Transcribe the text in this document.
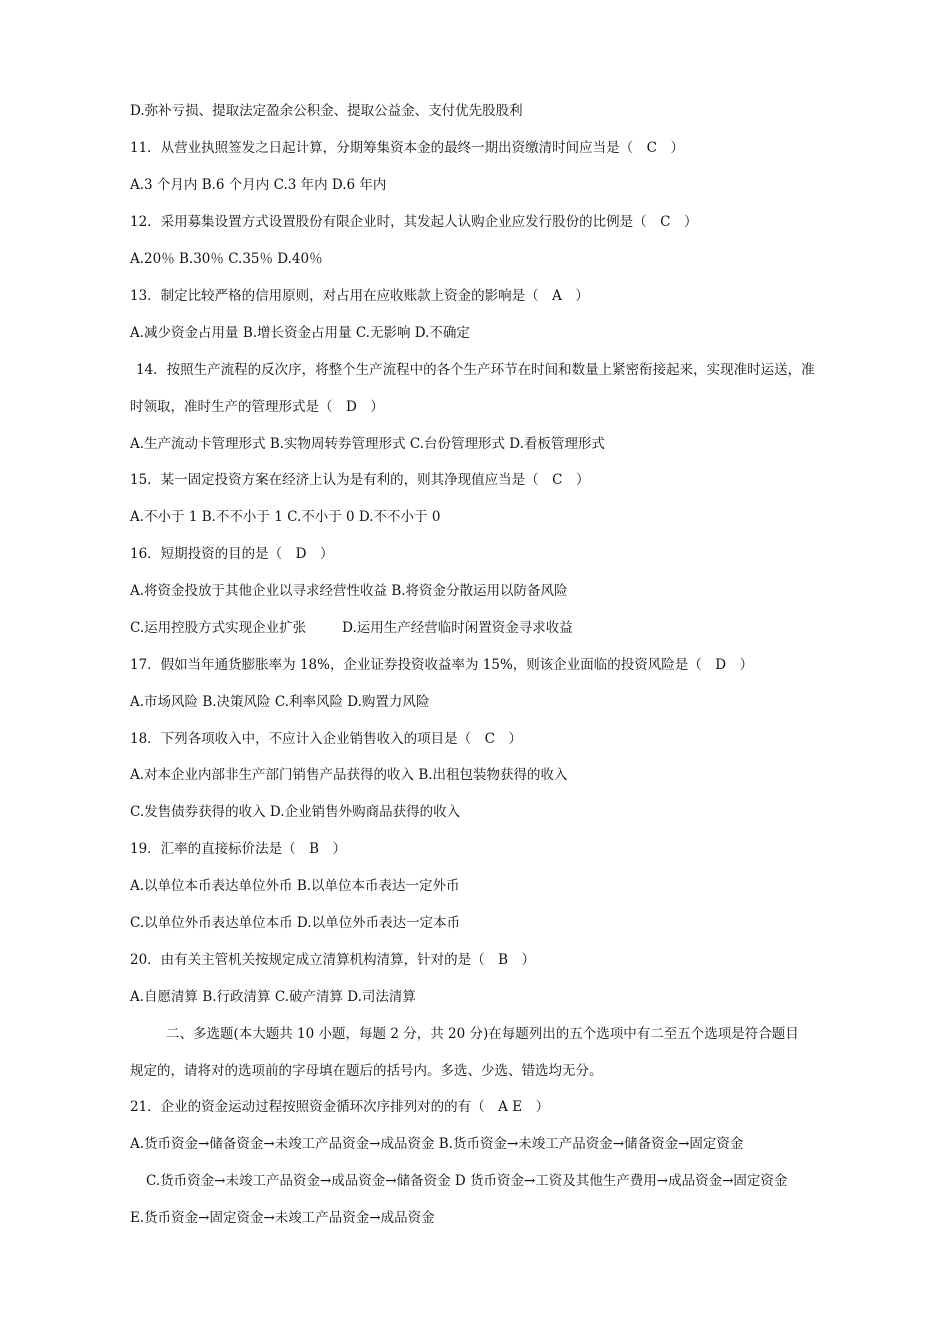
D.弥补亏损、提取法定盈余公积金、提取公益金、支付优先股股利
11．从营业执照签发之日起计算，分期筹集资本金的最终一期出资缴清时间应当是（　C　）
A.3 个月内 B.6 个月内 C.3 年内 D.6 年内
12．采用募集设置方式设置股份有限企业时，其发起人认购企业应发行股份的比例是（　C　）
A.20％ B.30％ C.35％ D.40％
13．制定比较严格的信用原则，对占用在应收账款上资金的影响是（　A　）
A.减少资金占用量 B.增长资金占用量 C.无影响 D.不确定
14．按照生产流程的反次序，将整个生产流程中的各个生产环节在时间和数量上紧密衔接起来，实现准时运送，准
时领取，准时生产的管理形式是（　D　）
A.生产流动卡管理形式 B.实物周转券管理形式 C.台份管理形式 D.看板管理形式
15．某一固定投资方案在经济上认为是有利的，则其净现值应当是（　C　）
A.不小于 1 B.不不小于 1 C.不小于 0 D.不不小于 0
16．短期投资的目的是（　D　）
A.将资金投放于其他企业以寻求经营性收益 B.将资金分散运用以防备风险
C.运用控股方式实现企业扩张	D.运用生产经营临时闲置资金寻求收益
17．假如当年通货膨胀率为 18%，企业证券投资收益率为 15%，则该企业面临的投资风险是（　D　）
A.市场风险 B.决策风险 C.利率风险 D.购置力风险
18．下列各项收入中，不应计入企业销售收入的项目是（　C　）
A.对本企业内部非生产部门销售产品获得的收入 B.出租包装物获得的收入
C.发售债券获得的收入 D.企业销售外购商品获得的收入
19．汇率的直接标价法是（　B　）
A.以单位本币表达单位外币 B.以单位本币表达一定外币
C.以单位外币表达单位本币 D.以单位外币表达一定本币
20．由有关主管机关按规定成立清算机构清算，针对的是（　B　）
A.自愿清算 B.行政清算 C.破产清算 D.司法清算
二、多选题(本大题共 10 小题，每题 2 分，共 20 分)在每题列出的五个选项中有二至五个选项是符合题目
规定的，请将对的选项前的字母填在题后的括号内。多选、少选、错选均无分。
21．企业的资金运动过程按照资金循环次序排列对的的有（　A E　）
A.货币资金→储备资金→未竣工产品资金→成品资金 B.货币资金→未竣工产品资金→储备资金→固定资金
C.货币资金→未竣工产品资金→成品资金→储备资金 D 货币资金→工资及其他生产费用→成品资金→固定资金
E.货币资金→固定资金→未竣工产品资金→成品资金
